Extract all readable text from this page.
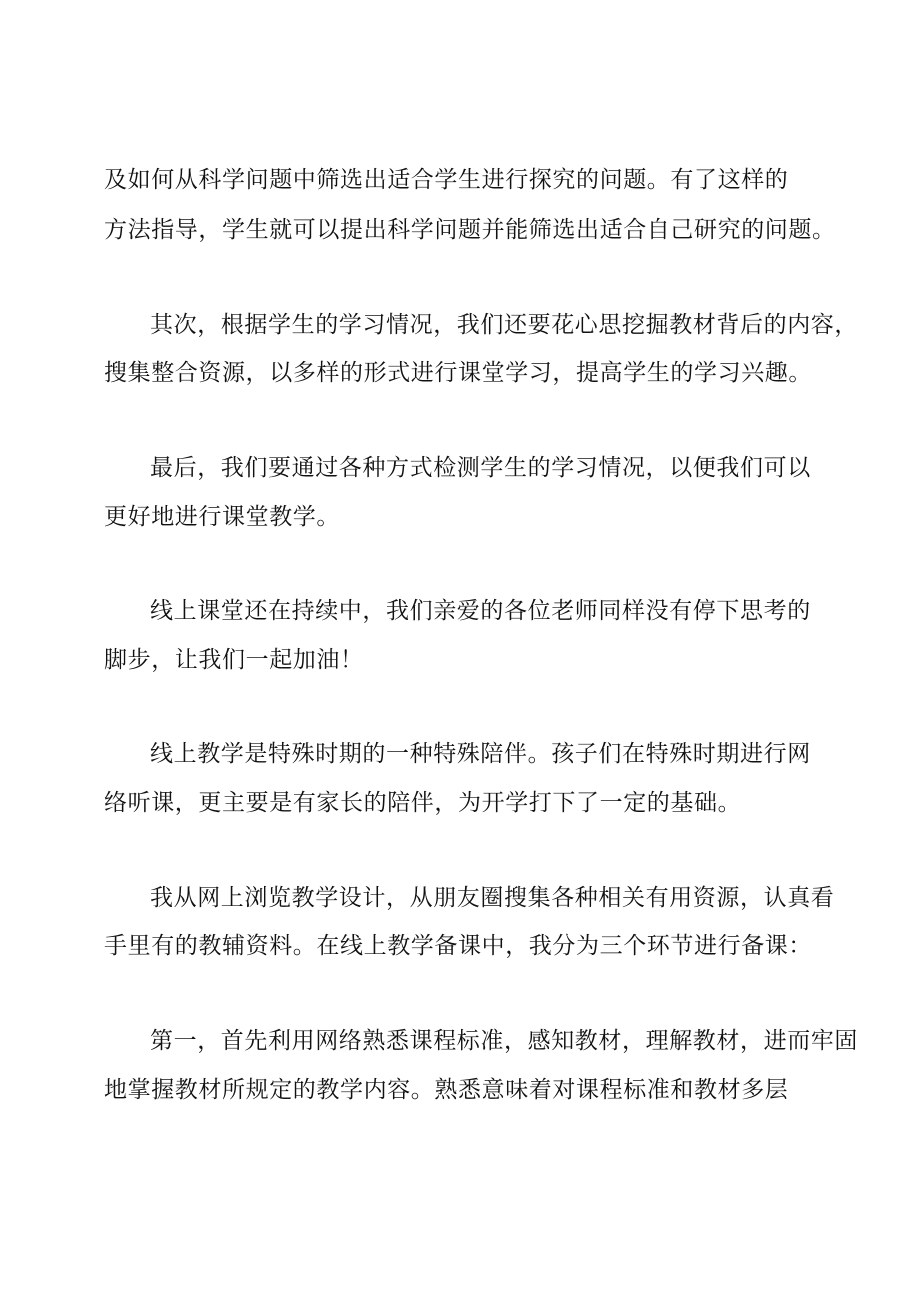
及如何从科学问题中筛选出适合学生进行探究的问题。有了这样的
方法指导，学生就可以提出科学问题并能筛选出适合自己研究的问题。
其次，根据学生的学习情况，我们还要花心思挖掘教材背后的内容，
搜集整合资源，以多样的形式进行课堂学习，提高学生的学习兴趣。
最后，我们要通过各种方式检测学生的学习情况，以便我们可以
更好地进行课堂教学。
线上课堂还在持续中，我们亲爱的各位老师同样没有停下思考的
脚步，让我们一起加油！
线上教学是特殊时期的一种特殊陪伴。孩子们在特殊时期进行网
络听课，更主要是有家长的陪伴，为开学打下了一定的基础。
我从网上浏览教学设计，从朋友圈搜集各种相关有用资源，认真看
手里有的教辅资料。在线上教学备课中，我分为三个环节进行备课：
第一，首先利用网络熟悉课程标准，感知教材，理解教材，进而牢固
地掌握教材所规定的教学内容。熟悉意味着对课程标准和教材多层
